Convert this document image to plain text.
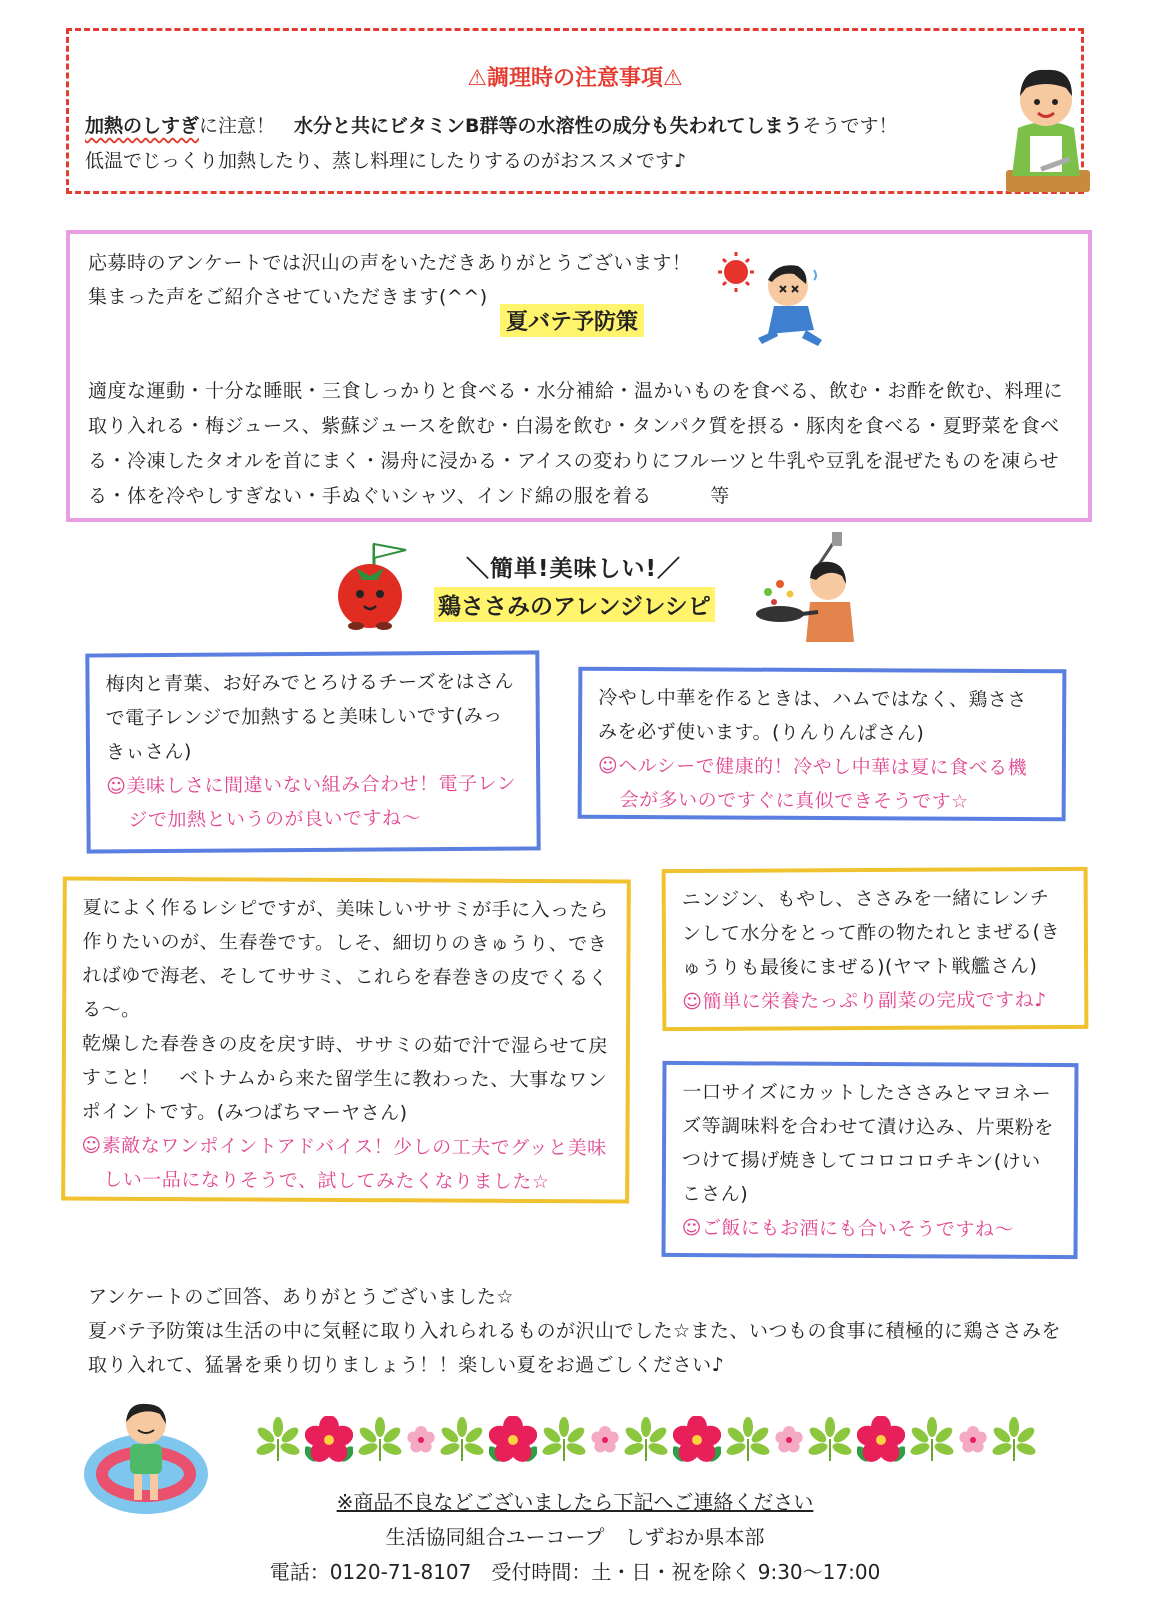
⚠調理時の注意事項⚠
加熱のしすぎに注意！　水分と共にビタミンB群等の水溶性の成分も失われてしまうそうです！
低温でじっくり加熱したり、蒸し料理にしたりするのがおススメです♪
応募時のアンケートでは沢山の声をいただきありがとうございます！
集まった声をご紹介させていただきます(^^)
夏バテ予防策
適度な運動・十分な睡眠・三食しっかりと食べる・水分補給・温かいものを食べる、飲む・お酢を飲む、料理に取り入れる・梅ジュース、紫蘇ジュースを飲む・白湯を飲む・タンパク質を摂る・豚肉を食べる・夏野菜を食べる・冷凍したタオルを首にまく・湯舟に浸かる・アイスの変わりにフルーツと牛乳や豆乳を混ぜたものを凍らせる・体を冷やしすぎない・手ぬぐいシャツ、インド綿の服を着る　　　等
＼簡単!美味しい!／
鶏ささみのアレンジレシピ
梅肉と青葉、お好みでとろけるチーズをはさんで電子レンジで加熱すると美味しいです(みっきぃさん)
☺美味しさに間違いない組み合わせ！電子レンジで加熱というのが良いですね～
冷やし中華を作るときは、ハムではなく、鶏ささみを必ず使います。(りんりんぱさん)
☺ヘルシーで健康的！冷やし中華は夏に食べる機会が多いのですぐに真似できそうです☆
夏によく作るレシピですが、美味しいササミが手に入ったら作りたいのが、生春巻です。しそ、細切りのきゅうり、できればゆで海老、そしてササミ、これらを春巻きの皮でくるくる～。
乾燥した春巻きの皮を戻す時、ササミの茹で汁で湿らせて戻すこと！　ベトナムから来た留学生に教わった、大事なワンポイントです。(みつばちマーヤさん)
☺素敵なワンポイントアドバイス！少しの工夫でグッと美味しい一品になりそうで、試してみたくなりました☆
ニンジン、もやし、ささみを一緒にレンチンして水分をとって酢の物たれとまぜる(きゅうりも最後にまぜる)(ヤマト戦艦さん)
☺簡単に栄養たっぷり副菜の完成ですね♪
一口サイズにカットしたささみとマヨネーズ等調味料を合わせて漬け込み、片栗粉をつけて揚げ焼きしてコロコロチキン(けいこさん)
☺ご飯にもお酒にも合いそうですね～
アンケートのご回答、ありがとうございました☆
夏バテ予防策は生活の中に気軽に取り入れられるものが沢山でした☆また、いつもの食事に積極的に鶏ささみを取り入れて、猛暑を乗り切りましょう！！楽しい夏をお過ごしください♪
※商品不良などございましたら下記へご連絡ください
生活協同組合ユーコープ　しずおか県本部
電話：0120-71-8107　受付時間：土・日・祝を除く 9:30～17:00
